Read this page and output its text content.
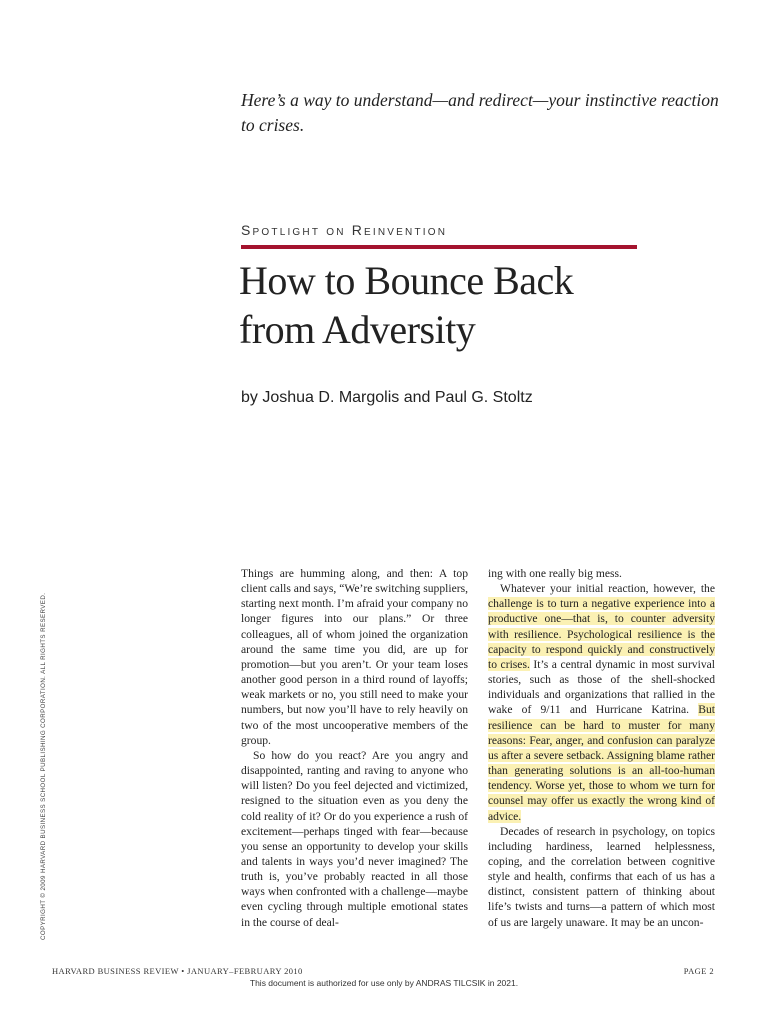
Here’s a way to understand—and redirect—your instinctive reaction to crises.
Spotlight on Reinvention
How to Bounce Back
from Adversity
by Joshua D. Margolis and Paul G. Stoltz

Things are humming along, and then: A top client calls and says, “We’re switching suppliers, starting next month. I’m afraid your company no longer figures into our plans.” Or three colleagues, all of whom joined the organization around the same time you did, are up for promotion—but you aren’t. Or your team loses another good person in a third round of layoffs; weak markets or no, you still need to make your numbers, but now you’ll have to rely heavily on two of the most uncooperative members of the group.

So how do you react? Are you angry and disappointed, ranting and raving to anyone who will listen? Do you feel dejected and victimized, resigned to the situation even as you deny the cold reality of it? Or do you experience a rush of excitement—perhaps tinged with fear—because you sense an opportunity to develop your skills and talents in ways you’d never imagined? The truth is, you’ve probably reacted in all those ways when confronted with a challenge—maybe even cycling through multiple emotional states in the course of deal-

ing with one really big mess.

Whatever your initial reaction, however, the challenge is to turn a negative experience into a productive one—that is, to counter adversity with resilience. Psychological resilience is the capacity to respond quickly and constructively to crises. It’s a central dynamic in most survival stories, such as those of the shell-shocked individuals and organizations that rallied in the wake of 9/11 and Hurricane Katrina. But resilience can be hard to muster for many reasons: Fear, anger, and confusion can paralyze us after a severe setback. Assigning blame rather than generating solutions is an all-too-human tendency. Worse yet, those to whom we turn for counsel may offer us exactly the wrong kind of advice.

Decades of research in psychology, on topics including hardiness, learned helplessness, coping, and the correlation between cognitive style and health, confirms that each of us has a distinct, consistent pattern of thinking about life’s twists and turns—a pattern of which most of us are largely unaware. It may be an uncon-

COPYRIGHT © 2009 HARVARD BUSINESS SCHOOL PUBLISHING CORPORATION. ALL RIGHTS RESERVED.
HARVARD BUSINESS REVIEW • JANUARY–FEBRUARY 2010	PAGE 2
This document is authorized for use only by ANDRAS TILCSIK in 2021.
